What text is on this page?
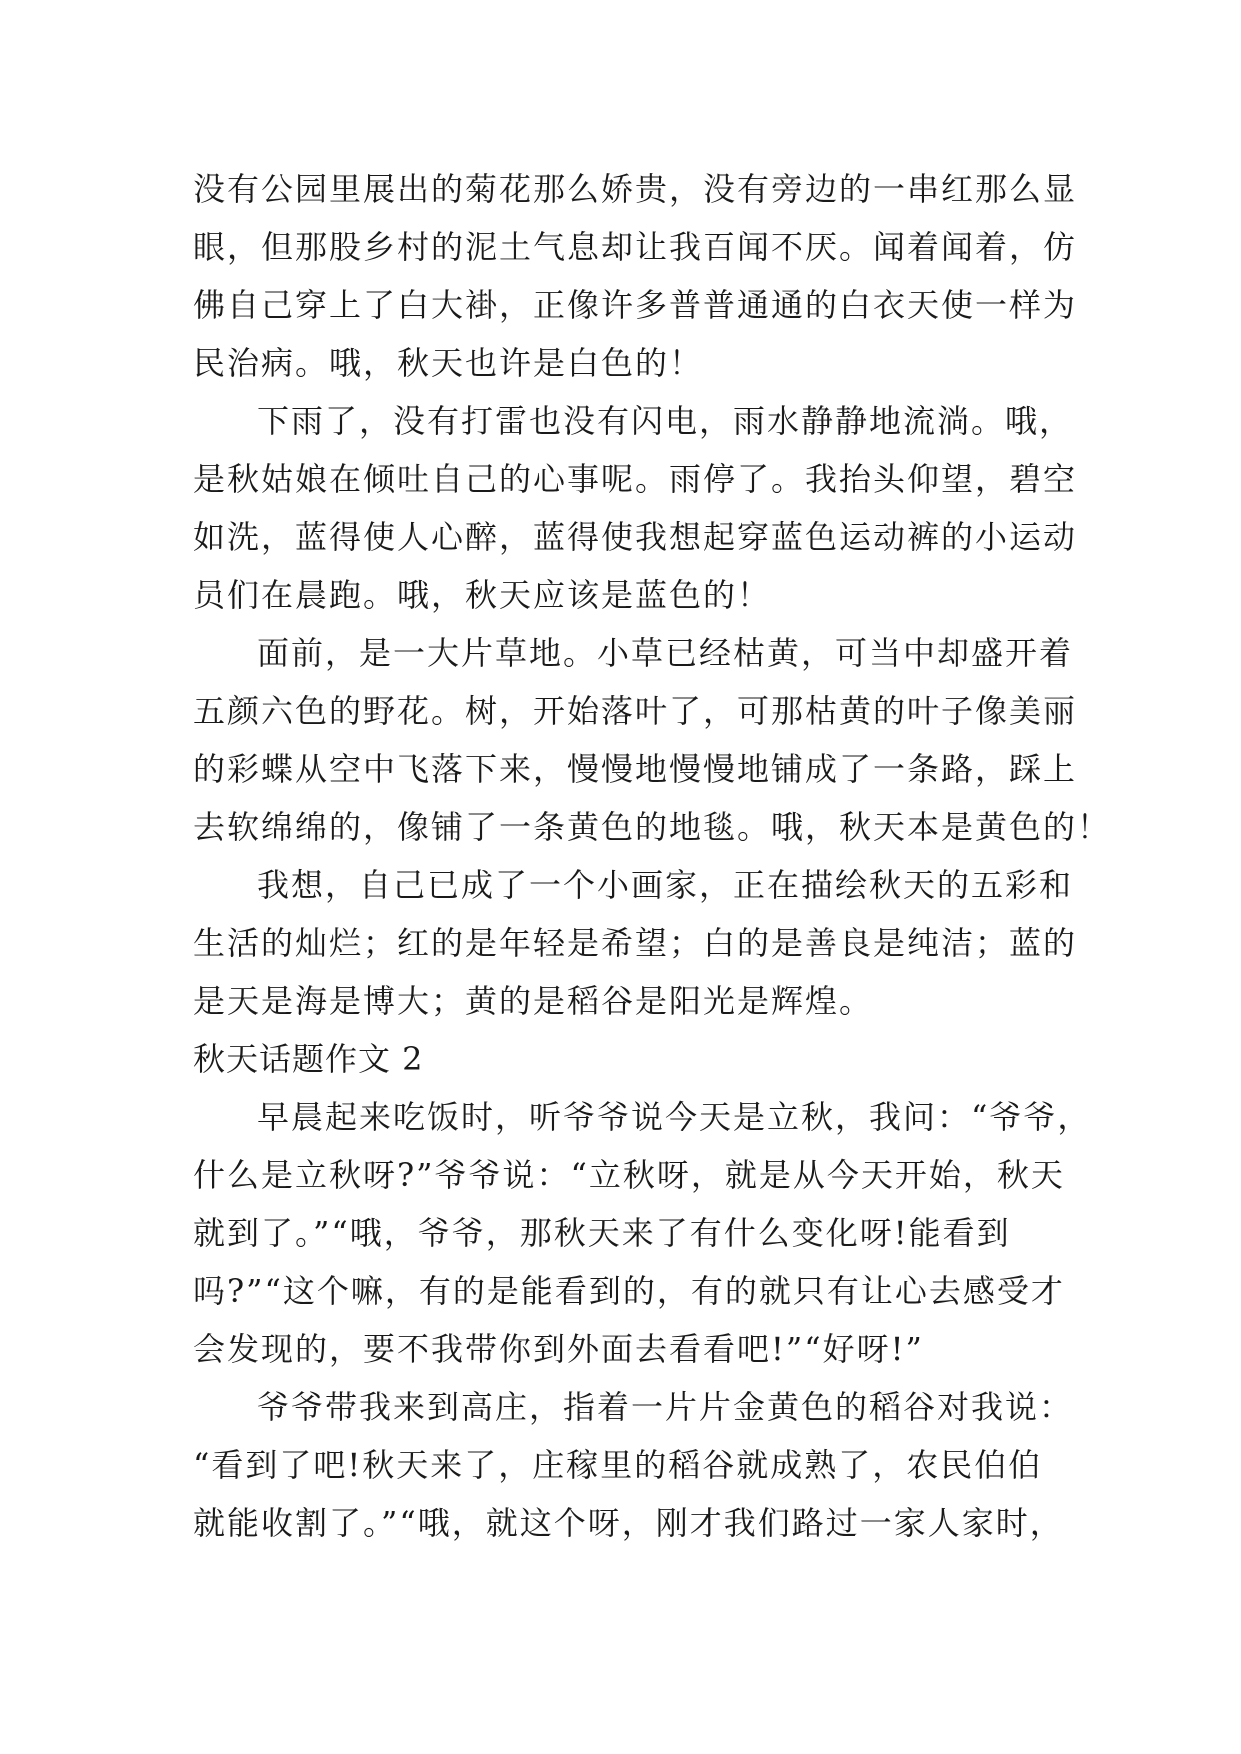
没有公园里展出的菊花那么娇贵，没有旁边的一串红那么显
眼，但那股乡村的泥土气息却让我百闻不厌。闻着闻着，仿
佛自己穿上了白大褂，正像许多普普通通的白衣天使一样为
民治病。哦，秋天也许是白色的！
下雨了，没有打雷也没有闪电，雨水静静地流淌。哦，
是秋姑娘在倾吐自己的心事呢。雨停了。我抬头仰望，碧空
如洗，蓝得使人心醉，蓝得使我想起穿蓝色运动裤的小运动
员们在晨跑。哦，秋天应该是蓝色的！
面前，是一大片草地。小草已经枯黄，可当中却盛开着
五颜六色的野花。树，开始落叶了，可那枯黄的叶子像美丽
的彩蝶从空中飞落下来，慢慢地慢慢地铺成了一条路，踩上
去软绵绵的，像铺了一条黄色的地毯。哦，秋天本是黄色的！
我想，自己已成了一个小画家，正在描绘秋天的五彩和
生活的灿烂；红的是年轻是希望；白的是善良是纯洁；蓝的
是天是海是博大；黄的是稻谷是阳光是辉煌。
秋天话题作文 2
早晨起来吃饭时，听爷爷说今天是立秋，我问：“爷爷，
什么是立秋呀?”爷爷说：“立秋呀，就是从今天开始，秋天
就到了。”“哦，爷爷，那秋天来了有什么变化呀!能看到
吗?”“这个嘛，有的是能看到的，有的就只有让心去感受才
会发现的，要不我带你到外面去看看吧!”“好呀!”
爷爷带我来到高庄，指着一片片金黄色的稻谷对我说：
“看到了吧!秋天来了，庄稼里的稻谷就成熟了，农民伯伯
就能收割了。”“哦，就这个呀，刚才我们路过一家人家时，
